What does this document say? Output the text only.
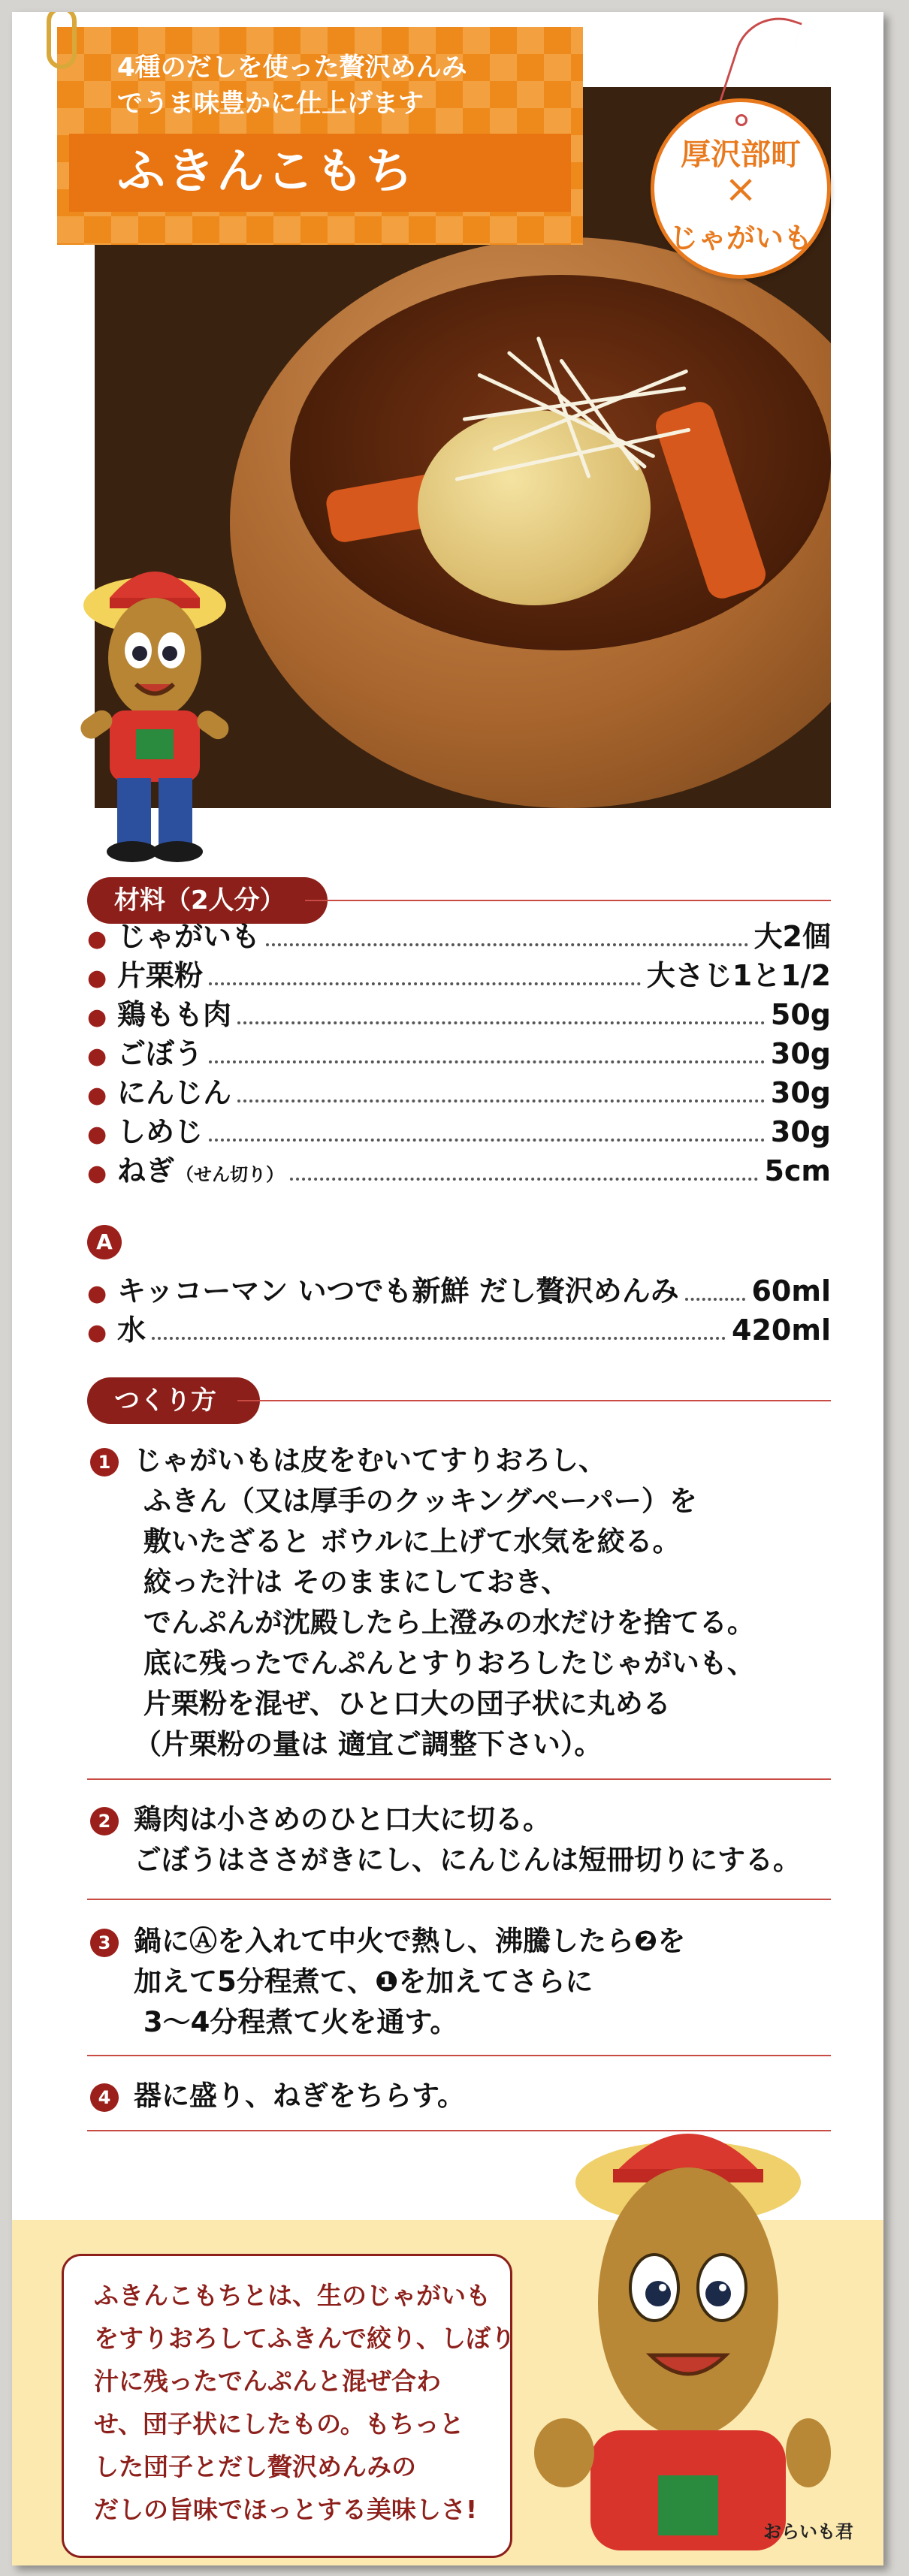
4種のだしを使った贅沢めんみ
でうま味豊かに仕上げます

ふきんこもち	厚沢部町
×
じゃがいも
材料（2人分）
● じゃがいも	大2個
● 片栗粉	大さじ1と1/2
● 鶏もも肉	50g
● ごぼう	30g
● にんじん	30g
● しめじ	30g
● ねぎ （せん切り）	5cm
A
● キッコーマン いつでも新鮮 だし贅沢めんみ	60ml
● 水	420ml
つくり方
1 じゃがいもは皮をむいてすりおろし、
ふきん（又は厚手のクッキングペーパー）を
敷いたざると ボウルに上げて水気を絞る。
絞った汁は そのままにしておき、
でんぷんが沈殿したら上澄みの水だけを捨てる。
底に残ったでんぷんとすりおろしたじゃがいも、
片栗粉を混ぜ、ひと口大の団子状に丸める
（片栗粉の量は 適宜ご調整下さい）。
2 鶏肉は小さめのひと口大に切る。
ごぼうはささがきにし、にんじんは短冊切りにする。
3 鍋にⒶを入れて中火で熱し、沸騰したら❷を
加えて5分程煮て、❶を加えてさらに
3～4分程煮て火を通す。
4 器に盛り、ねぎをちらす。
ふきんこもちとは、生のじゃがいも
をすりおろしてふきんで絞り、しぼり
汁に残ったでんぷんと混ぜ合わ
せ、団子状にしたもの。もちっと
した団子とだし贅沢めんみの
だしの旨味でほっとする美味しさ!
おらいも君
